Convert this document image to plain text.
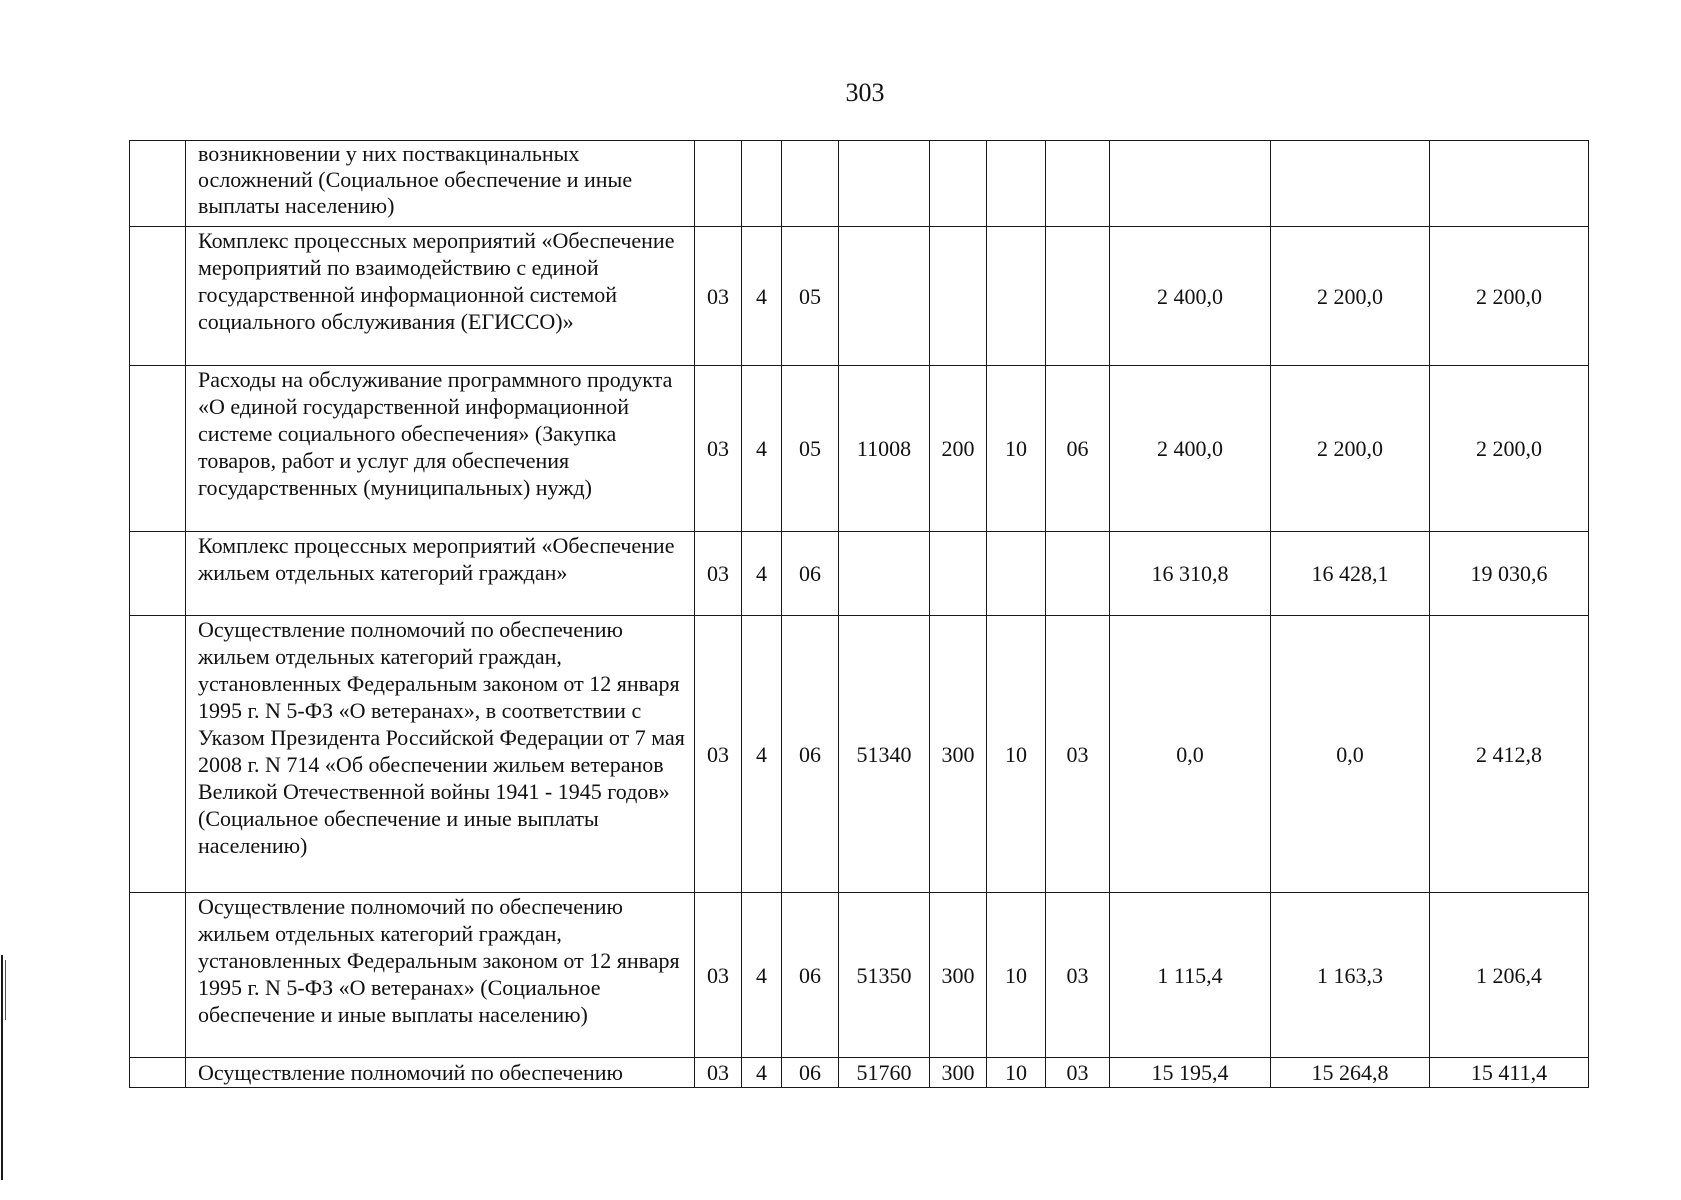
303
	возникновении у них поствакцинальных осложнений (Социальное обеспечение и иные выплаты населению)										
	Комплекс процессных мероприятий «Обеспечение мероприятий по взаимодействию с единой государственной информационной системой социального обслуживания (ЕГИССО)»	03	4	05					2 400,0	2 200,0	2 200,0
	Расходы на обслуживание программного продукта «О единой государственной информационной системе социального обеспечения» (Закупка товаров, работ и услуг для обеспечения государственных (муниципальных) нужд)	03	4	05	11008	200	10	06	2 400,0	2 200,0	2 200,0
	Комплекс процессных мероприятий «Обеспечение жильем отдельных категорий граждан»	03	4	06					16 310,8	16 428,1	19 030,6
	Осуществление полномочий по обеспечению жильем отдельных категорий граждан, установленных Федеральным законом от 12 января 1995 г. N 5-ФЗ «О ветеранах», в соответствии с Указом Президента Российской Федерации от 7 мая 2008 г. N 714 «Об обеспечении жильем ветеранов Великой Отечественной войны 1941 - 1945 годов» (Социальное обеспечение и иные выплаты населению)	03	4	06	51340	300	10	03	0,0	0,0	2 412,8
	Осуществление полномочий по обеспечению жильем отдельных категорий граждан, установленных Федеральным законом от 12 января 1995 г. N 5-ФЗ «О ветеранах» (Социальное обеспечение и иные выплаты населению)	03	4	06	51350	300	10	03	1 115,4	1 163,3	1 206,4
	Осуществление полномочий по обеспечению	03	4	06	51760	300	10	03	15 195,4	15 264,8	15 411,4
